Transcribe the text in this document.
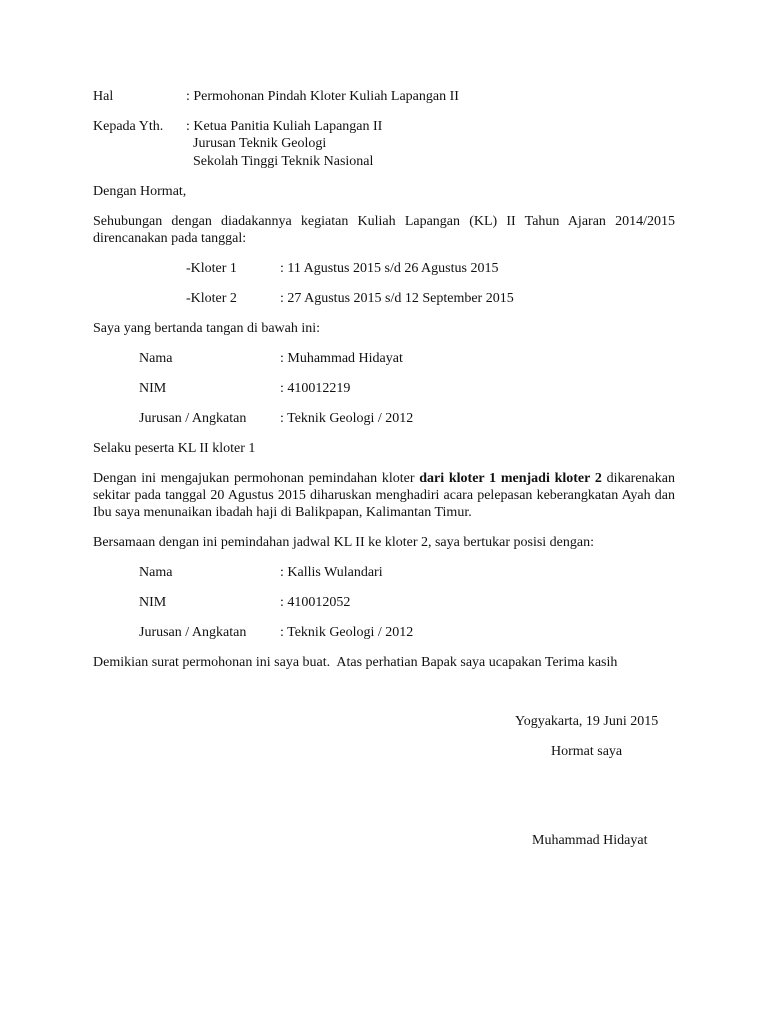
Hal	: Permohonan Pindah Kloter Kuliah Lapangan II
Kepada Yth. : Ketua Panitia Kuliah Lapangan II
Jurusan Teknik Geologi
Sekolah Tinggi Teknik Nasional
Dengan Hormat,
Sehubungan dengan diadakannya kegiatan Kuliah Lapangan (KL) II Tahun Ajaran 2014/2015
direncanakan pada tanggal:
-Kloter 1	: 11 Agustus 2015 s/d 26 Agustus 2015
-Kloter 2	: 27 Agustus 2015 s/d 12 September 2015
Saya yang bertanda tangan di bawah ini:
Nama	: Muhammad Hidayat
NIM	: 410012219
Jurusan / Angkatan : Teknik Geologi / 2012
Selaku peserta KL II kloter 1
Dengan ini mengajukan permohonan pemindahan kloter dari kloter 1 menjadi kloter 2 dikarenakan
sekitar pada tanggal 20 Agustus 2015 diharuskan menghadiri acara pelepasan keberangkatan Ayah dan
Ibu saya menunaikan ibadah haji di Balikpapan, Kalimantan Timur.
Bersamaan dengan ini pemindahan jadwal KL II ke kloter 2, saya bertukar posisi dengan:
Nama	: Kallis Wulandari
NIM	: 410012052
Jurusan / Angkatan : Teknik Geologi / 2012
Demikian surat permohonan ini saya buat.  Atas perhatian Bapak saya ucapakan Terima kasih
Yogyakarta, 19 Juni 2015
Hormat saya
Muhammad Hidayat
